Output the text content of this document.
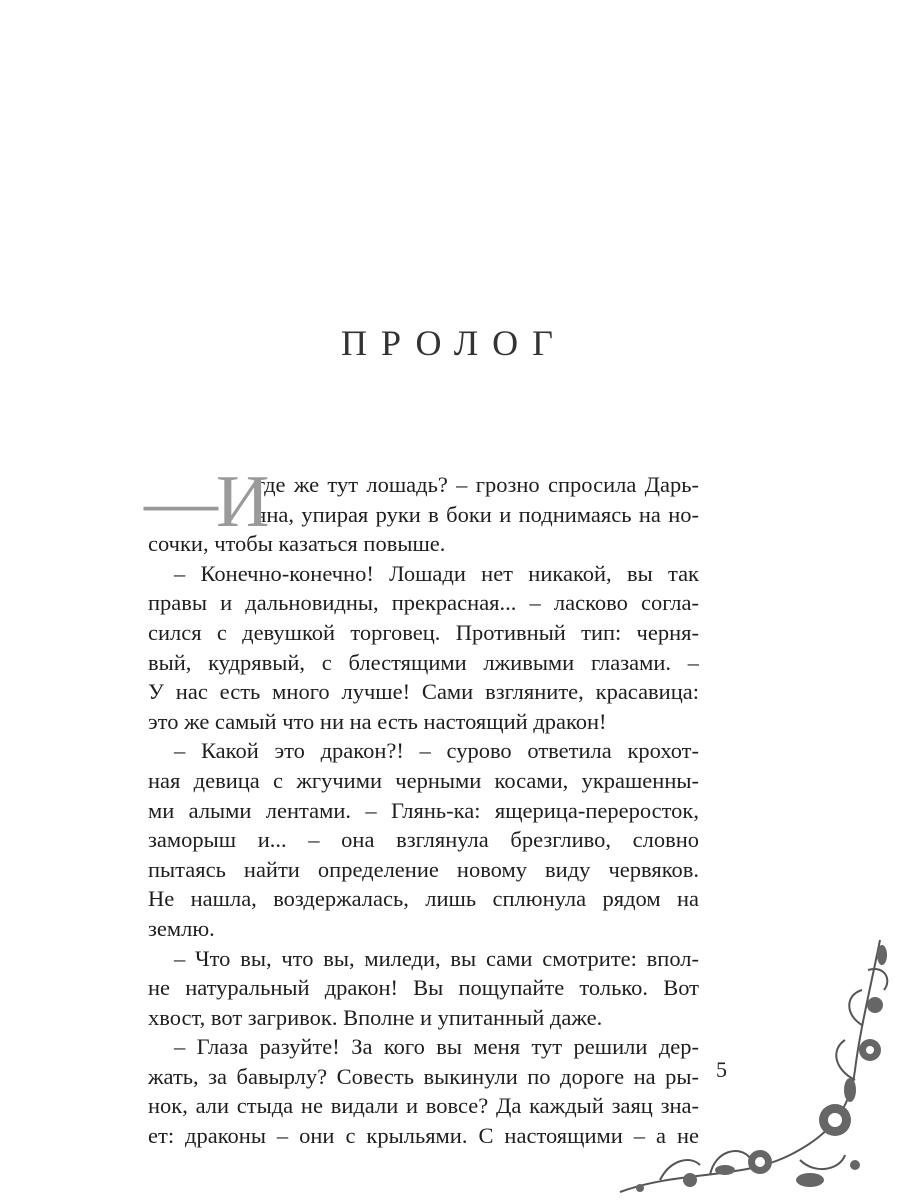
ПРОЛОГ
—И
где же тут лошадь? – грозно спросила Дарь-
яна, упирая руки в боки и поднимаясь на но-
сочки, чтобы казаться повыше.
– Конечно-конечно! Лошади нет никакой, вы так
правы и дальновидны, прекрасная... – ласково согла-
сился с девушкой торговец. Противный тип: черня-
вый, кудрявый, с блестящими лживыми глазами. –
У нас есть много лучше! Сами взгляните, красавица:
это же самый что ни на есть настоящий дракон!
– Какой это дракон?! – сурово ответила крохот-
ная девица с жгучими черными косами, украшенны-
ми алыми лентами. – Глянь-ка: ящерица-переросток,
заморыш и... – она взглянула брезгливо, словно
пытаясь найти определение новому виду червяков.
Не нашла, воздержалась, лишь сплюнула рядом на
землю.
– Что вы, что вы, миледи, вы сами смотрите: впол-
не натуральный дракон! Вы пощупайте только. Вот
хвост, вот загривок. Вполне и упитанный даже.
– Глаза разуйте! За кого вы меня тут решили дер-
жать, за бавырлу? Совесть выкинули по дороге на ры-
нок, али стыда не видали и вовсе? Да каждый заяц зна-
ет: драконы – они с крыльями. С настоящими – а не
5
